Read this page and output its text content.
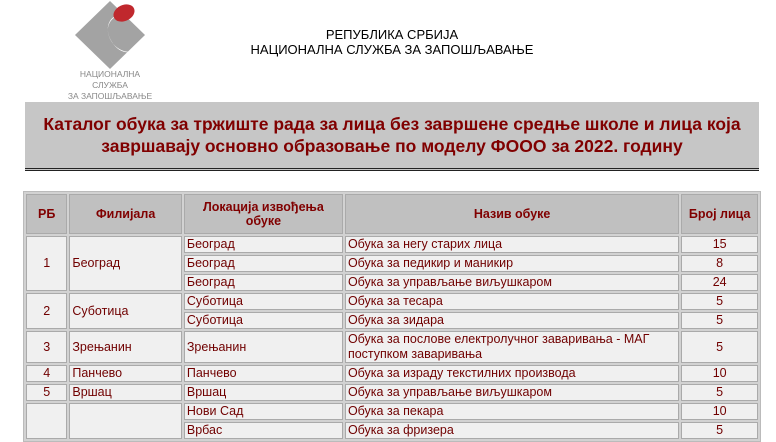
НАЦИОНАЛНА СЛУЖБА
ЗА ЗАПОШЉАВАЊЕ
РЕПУБЛИКА СРБИЈА
НАЦИОНАЛНА СЛУЖБА ЗА ЗАПОШЉАВАЊЕ
Каталог обука за тржиште рада за лица без завршене средње школе и лица која завршавају основно образовање по моделу ФООО за 2022. годину
РБ	Филијала	Локација извођења обуке	Назив обуке	Број лица
1	Београд	Београд	Обука за негу старих лица	15
		Београд	Обука за педикир и маникир	8
		Београд	Обука за управљање виљушкаром	24
2	Суботица	Суботица	Обука за тесара	5
		Суботица	Обука за зидара	5
3	Зрењанин	Зрењанин	Обука за послове електролучног заваривања - МАГ поступком заваривања	5
4	Панчево	Панчево	Обука за израду текстилних производа	10
5	Вршац	Вршац	Обука за управљање виљушкаром	5
		Нови Сад	Обука за пекара	10
		Врбас	Обука за фризера	5
